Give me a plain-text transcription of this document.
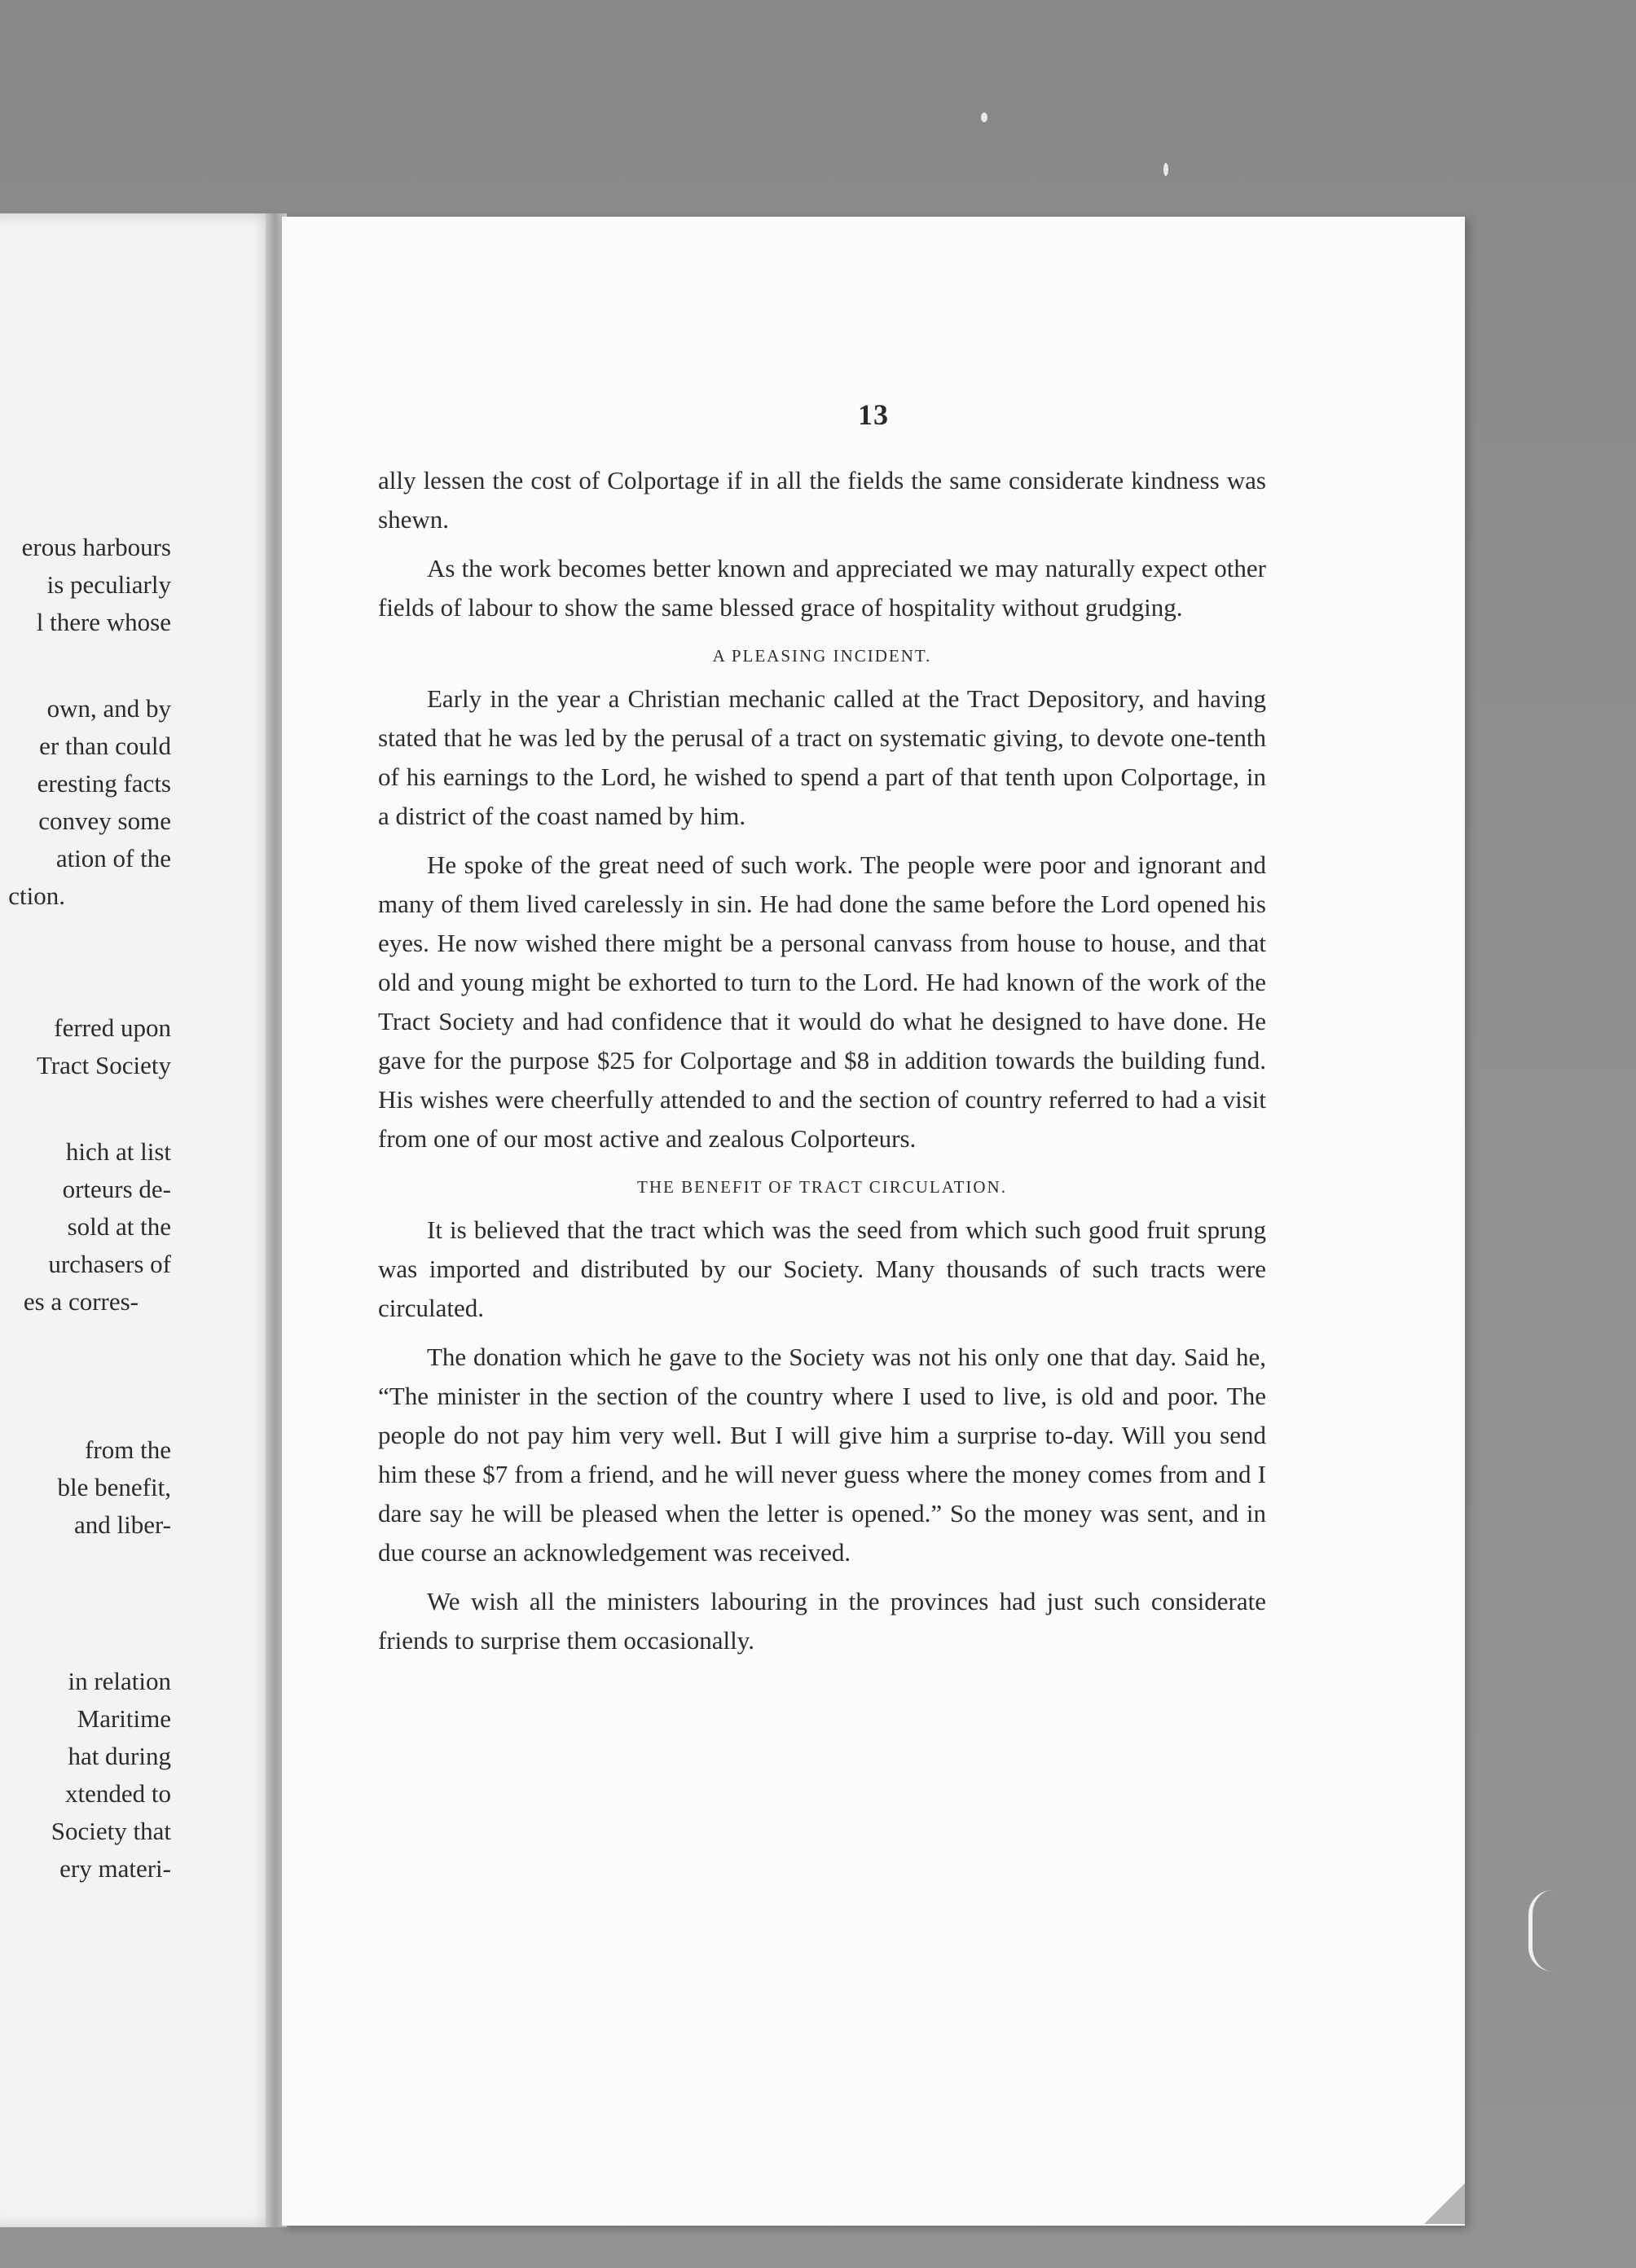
erous harbours
is peculiarly
l there whose
own, and by
er than could
eresting facts
convey some
ation of the
ction.
ferred upon
Tract Society
hich at list
orteurs de-
sold at the
urchasers of
es a corres-
from the
ble benefit,
and liber-
in relation
Maritime
hat during
xtended to
Society that
ery materi-
13

ally lessen the cost of Colportage if in all the fields the same considerate kindness was shewn.

As the work becomes better known and appreciated we may naturally expect other fields of labour to show the same blessed grace of hospitality without grudging.

A PLEASING INCIDENT.

Early in the year a Christian mechanic called at the Tract Depository, and having stated that he was led by the perusal of a tract on systematic giving, to devote one-tenth of his earnings to the Lord, he wished to spend a part of that tenth upon Colportage, in a district of the coast named by him.

He spoke of the great need of such work. The people were poor and ignorant and many of them lived carelessly in sin. He had done the same before the Lord opened his eyes. He now wished there might be a personal canvass from house to house, and that old and young might be exhorted to turn to the Lord. He had known of the work of the Tract Society and had confidence that it would do what he designed to have done. He gave for the purpose $25 for Colportage and $8 in addition towards the building fund. His wishes were cheerfully attended to and the section of country referred to had a visit from one of our most active and zealous Colporteurs.

THE BENEFIT OF TRACT CIRCULATION.

It is believed that the tract which was the seed from which such good fruit sprung was imported and distributed by our Society. Many thousands of such tracts were circulated.

The donation which he gave to the Society was not his only one that day. Said he, “The minister in the section of the country where I used to live, is old and poor. The people do not pay him very well. But I will give him a surprise to-day. Will you send him these $7 from a friend, and he will never guess where the money comes from and I dare say he will be pleased when the letter is opened.” So the money was sent, and in due course an acknowledgement was received.

We wish all the ministers labouring in the provinces had just such considerate friends to surprise them occasionally.
